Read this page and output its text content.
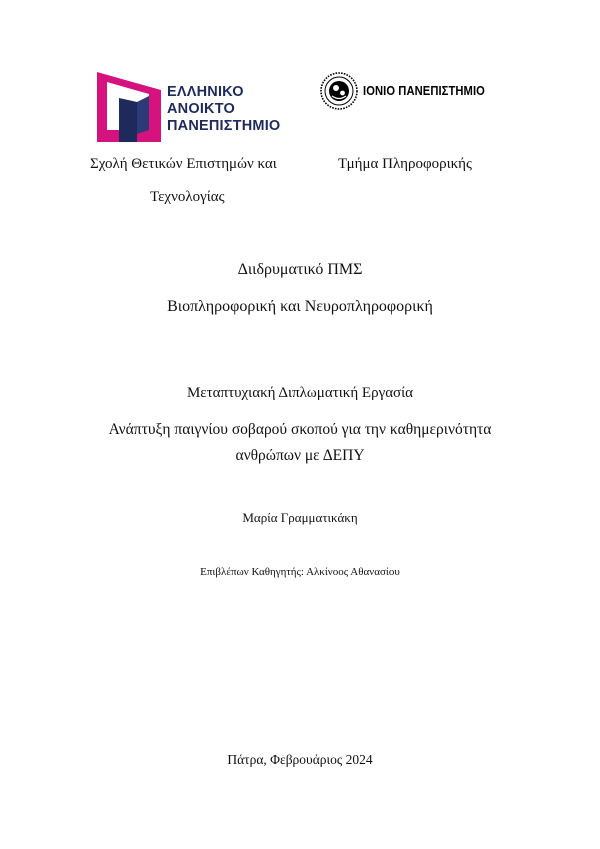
ΕΛΛΗΝΙΚΟ
ΑΝΟΙΚΤΟ
ΠΑΝΕΠΙΣΤΗΜΙΟ
ΙΟΝΙΟ ΠΑΝΕΠΙΣΤΗΜΙΟ
Σχολή Θετικών Επιστημών και
Τεχνολογίας
Τμήμα Πληροφορικής
Διιδρυματικό ΠΜΣ
Βιοπληροφορική και Νευροπληροφορική
Μεταπτυχιακή Διπλωματική Εργασία
Ανάπτυξη παιγνίου σοβαρού σκοπού για την καθημερινότητα
ανθρώπων με ΔΕΠΥ
Μαρία Γραμματικάκη
Επιβλέπων Καθηγητής: Αλκίνοος Αθανασίου
Πάτρα, Φεβρουάριος 2024
